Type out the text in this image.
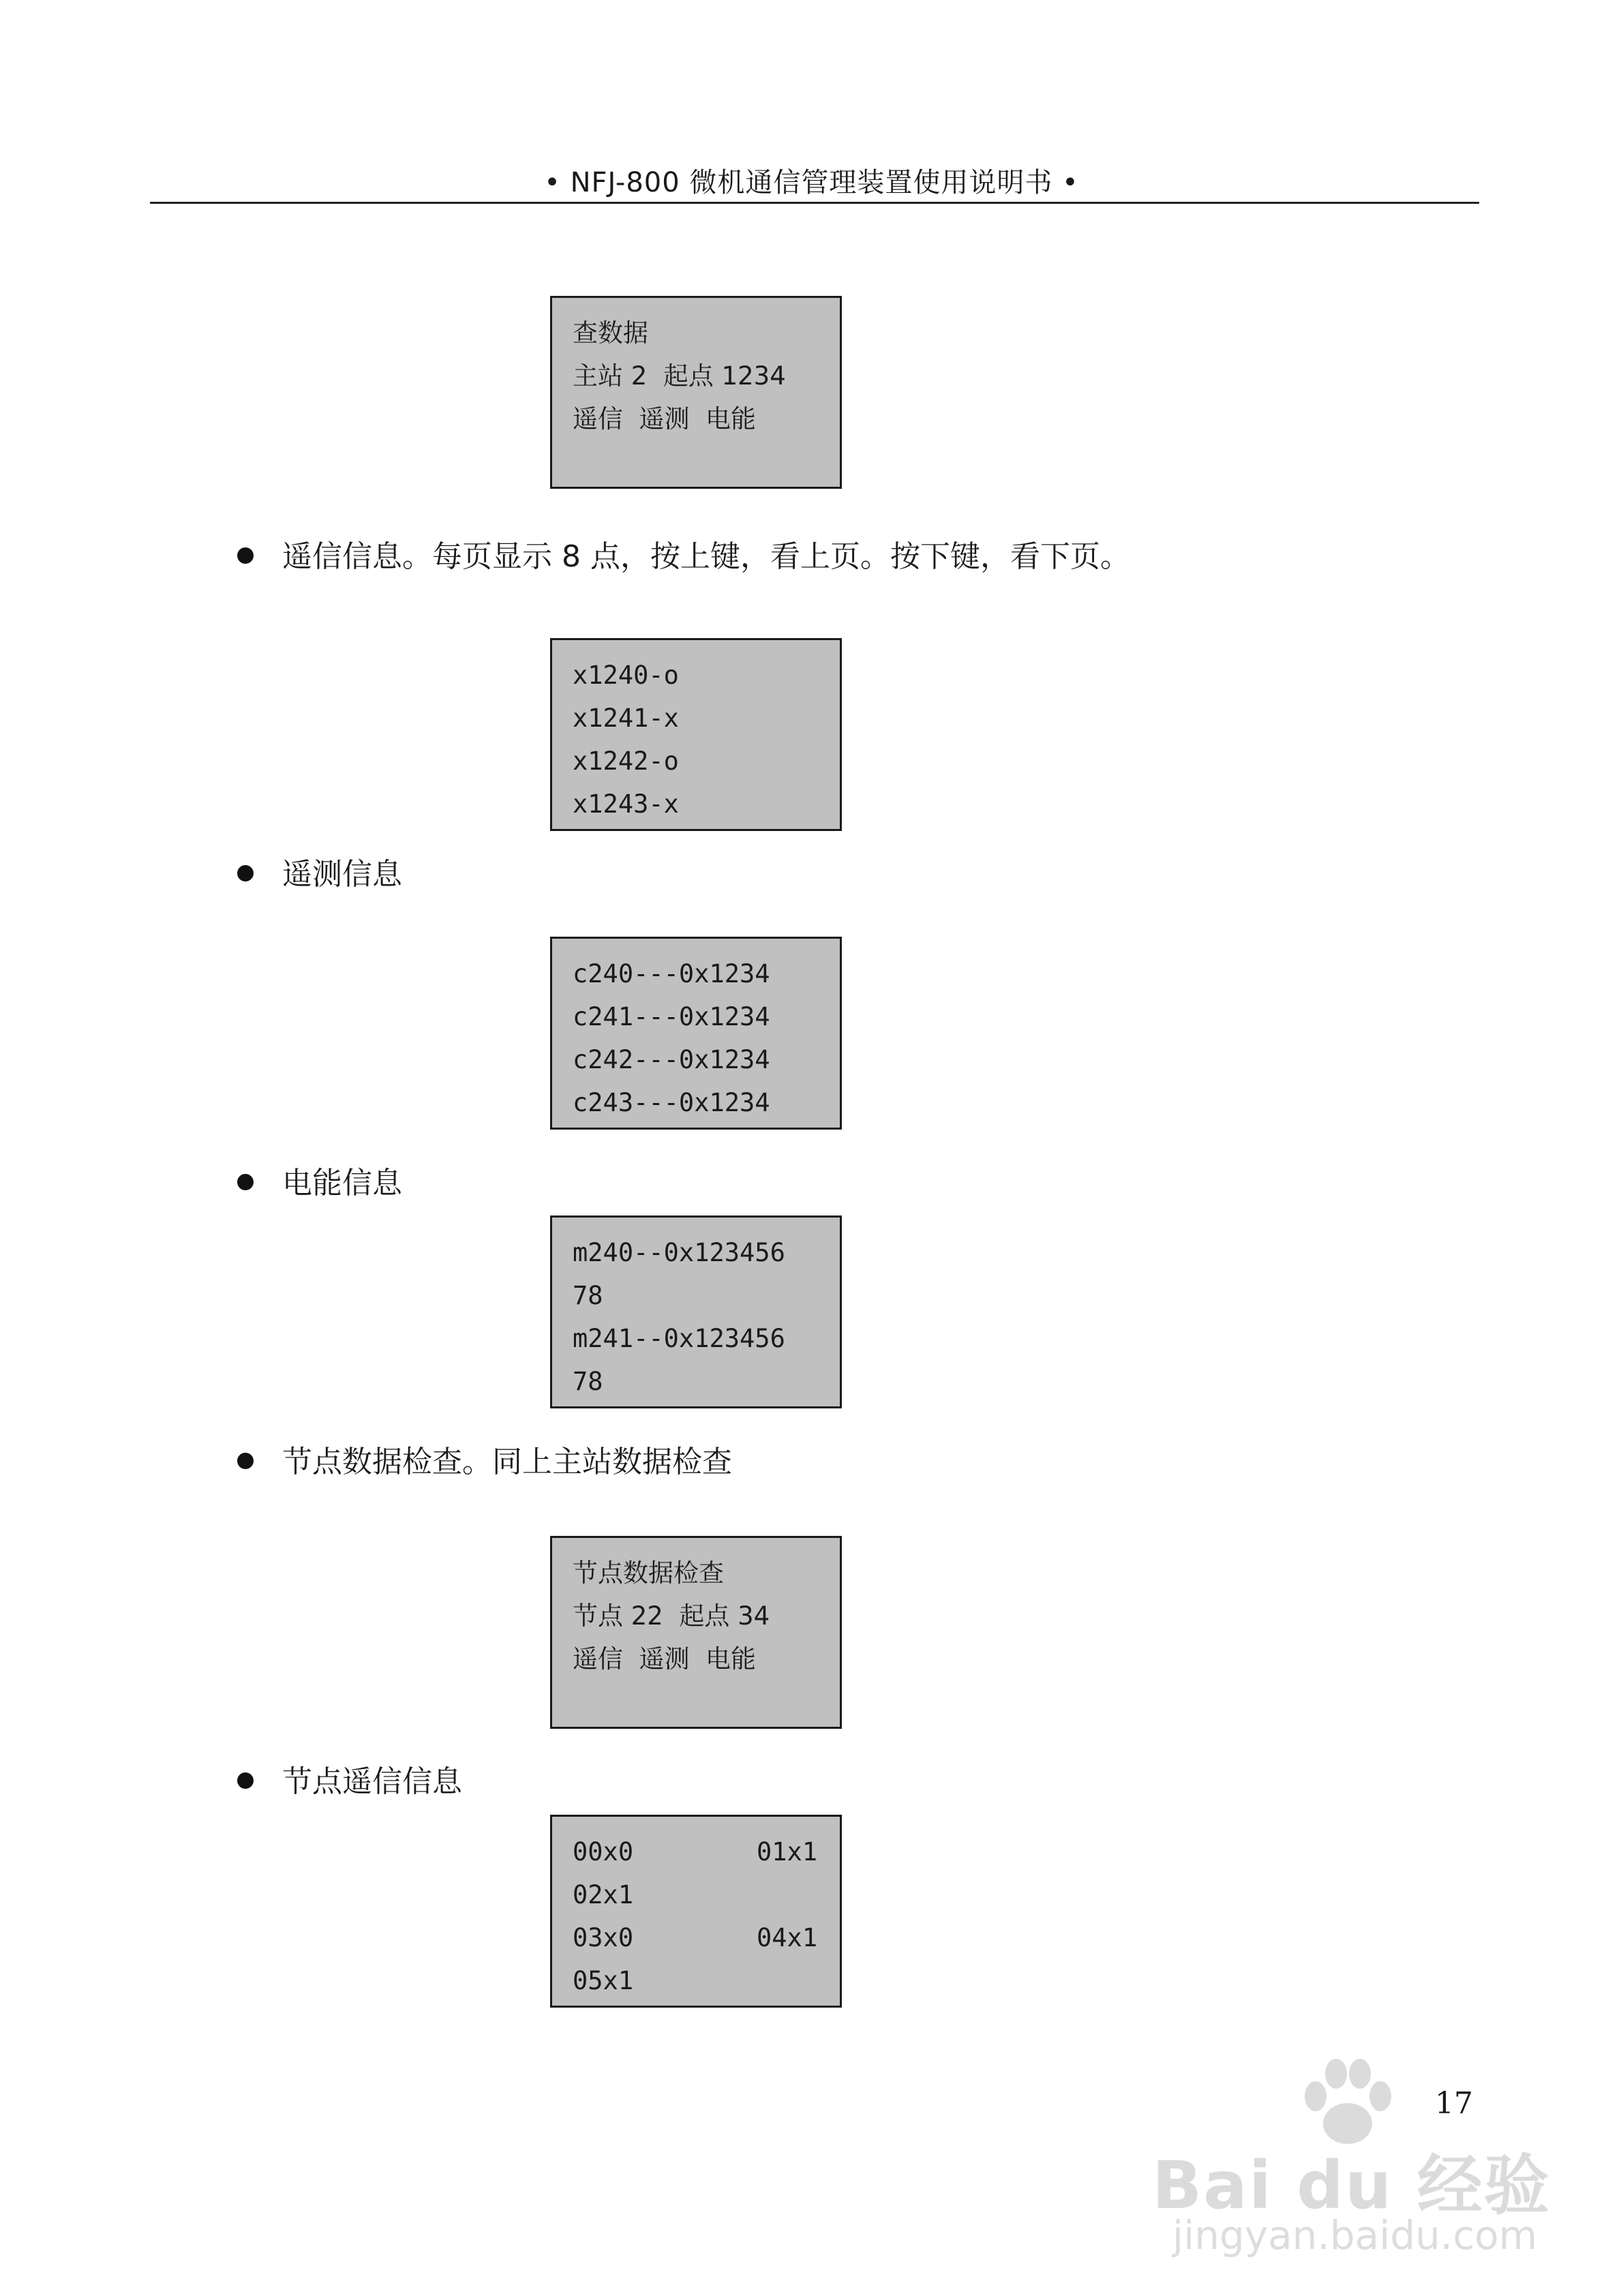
• NFJ-800 微机通信管理装置使用说明书 •
查数据
主站 2  起点 1234
遥信  遥测  电能
遥信信息。每页显示 8 点，按上键，看上页。按下键，看下页。
x1240-o
x1241-x
x1242-o
x1243-x
遥测信息
c240---0x1234
c241---0x1234
c242---0x1234
c243---0x1234
电能信息
m240--0x123456
78
m241--0x123456
78
节点数据检查。同上主站数据检查
节点数据检查
节点 22  起点 34
遥信  遥测  电能
节点遥信信息
00x0	01x1
02x1
03x0	04x1
05x1
17
Bai du 经验
jingyan.baidu.com
